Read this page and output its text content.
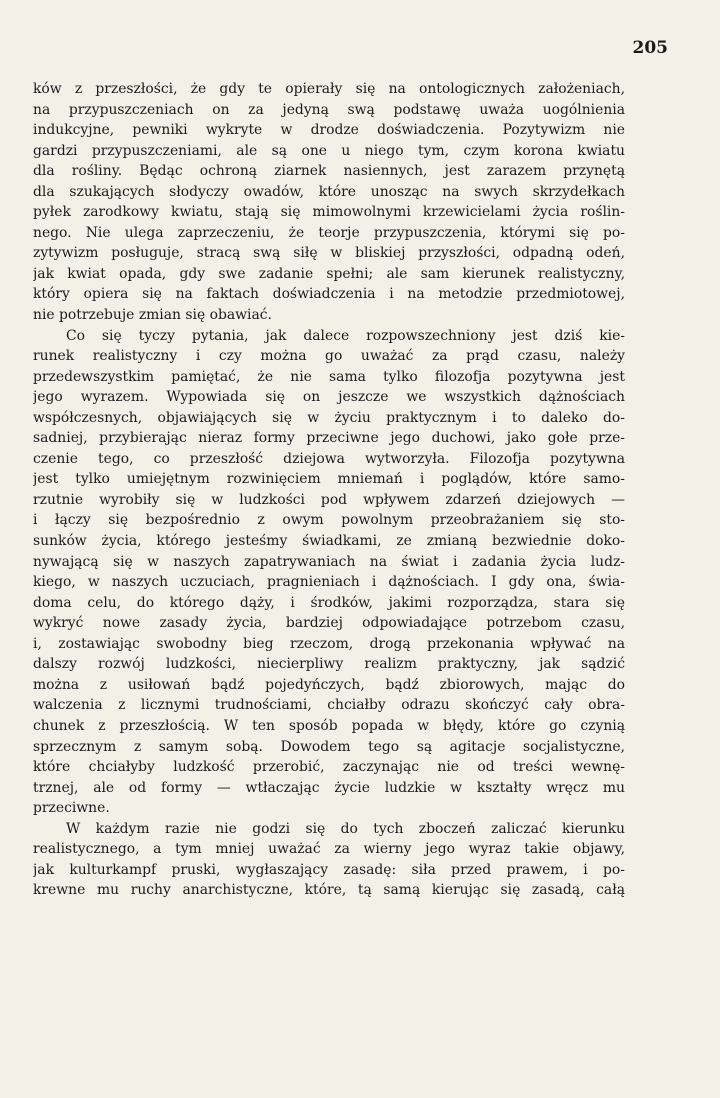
205
ków z przeszłości, że gdy te opierały się na ontologicznych założeniach,
na przypuszczeniach on za jedyną swą podstawę uważa uogólnienia
indukcyjne, pewniki wykryte w drodze doświadczenia. Pozytywizm nie
gardzi przypuszczeniami, ale są one u niego tym, czym korona kwiatu
dla rośliny. Będąc ochroną ziarnek nasiennych, jest zarazem przynętą
dla szukających słodyczy owadów, które unosząc na swych skrzydełkach
pyłek zarodkowy kwiatu, stają się mimowolnymi krzewicielami życia roślin-
nego. Nie ulega zaprzeczeniu, że teorje przypuszczenia, którymi się po-
zytywizm posługuje, stracą swą siłę w bliskiej przyszłości, odpadną odeń,
jak kwiat opada, gdy swe zadanie spełni; ale sam kierunek realistyczny,
który opiera się na faktach doświadczenia i na metodzie przedmiotowej,
nie potrzebuje zmian się obawiać.
Co się tyczy pytania, jak dalece rozpowszechniony jest dziś kie-
runek realistyczny i czy można go uważać za prąd czasu, należy
przedewszystkim pamiętać, że nie sama tylko filozofja pozytywna jest
jego wyrazem. Wypowiada się on jeszcze we wszystkich dążnościach
współczesnych, objawiających się w życiu praktycznym i to daleko do-
sadniej, przybierając nieraz formy przeciwne jego duchowi, jako gołe prze-
czenie tego, co przeszłość dziejowa wytworzyła. Filozofja pozytywna
jest tylko umiejętnym rozwinięciem mniemań i poglądów, które samo-
rzutnie wyrobiły się w ludzkości pod wpływem zdarzeń dziejowych —
i łączy się bezpośrednio z owym powolnym przeobrażaniem się sto-
sunków życia, którego jesteśmy świadkami, ze zmianą bezwiednie doko-
nywającą się w naszych zapatrywaniach na świat i zadania życia ludz-
kiego, w naszych uczuciach, pragnieniach i dążnościach. I gdy ona, świa-
doma celu, do którego dąży, i środków, jakimi rozporządza, stara się
wykryć nowe zasady życia, bardziej odpowiadające potrzebom czasu,
i, zostawiając swobodny bieg rzeczom, drogą przekonania wpływać na
dalszy rozwój ludzkości, niecierpliwy realizm praktyczny, jak sądzić
można z usiłowań bądź pojedyńczych, bądź zbiorowych, mając do
walczenia z licznymi trudnościami, chciałby odrazu skończyć cały obra-
chunek z przeszłością. W ten sposób popada w błędy, które go czynią
sprzecznym z samym sobą. Dowodem tego są agitacje socjalistyczne,
które chciałyby ludzkość przerobić, zaczynając nie od treści wewnę-
trznej, ale od formy — wtłaczając życie ludzkie w kształty wręcz mu
przeciwne.
W każdym razie nie godzi się do tych zboczeń zaliczać kierunku
realistycznego, a tym mniej uważać za wierny jego wyraz takie objawy,
jak kulturkampf pruski, wygłaszający zasadę: siła przed prawem, i po-
krewne mu ruchy anarchistyczne, które, tą samą kierując się zasadą, całą
